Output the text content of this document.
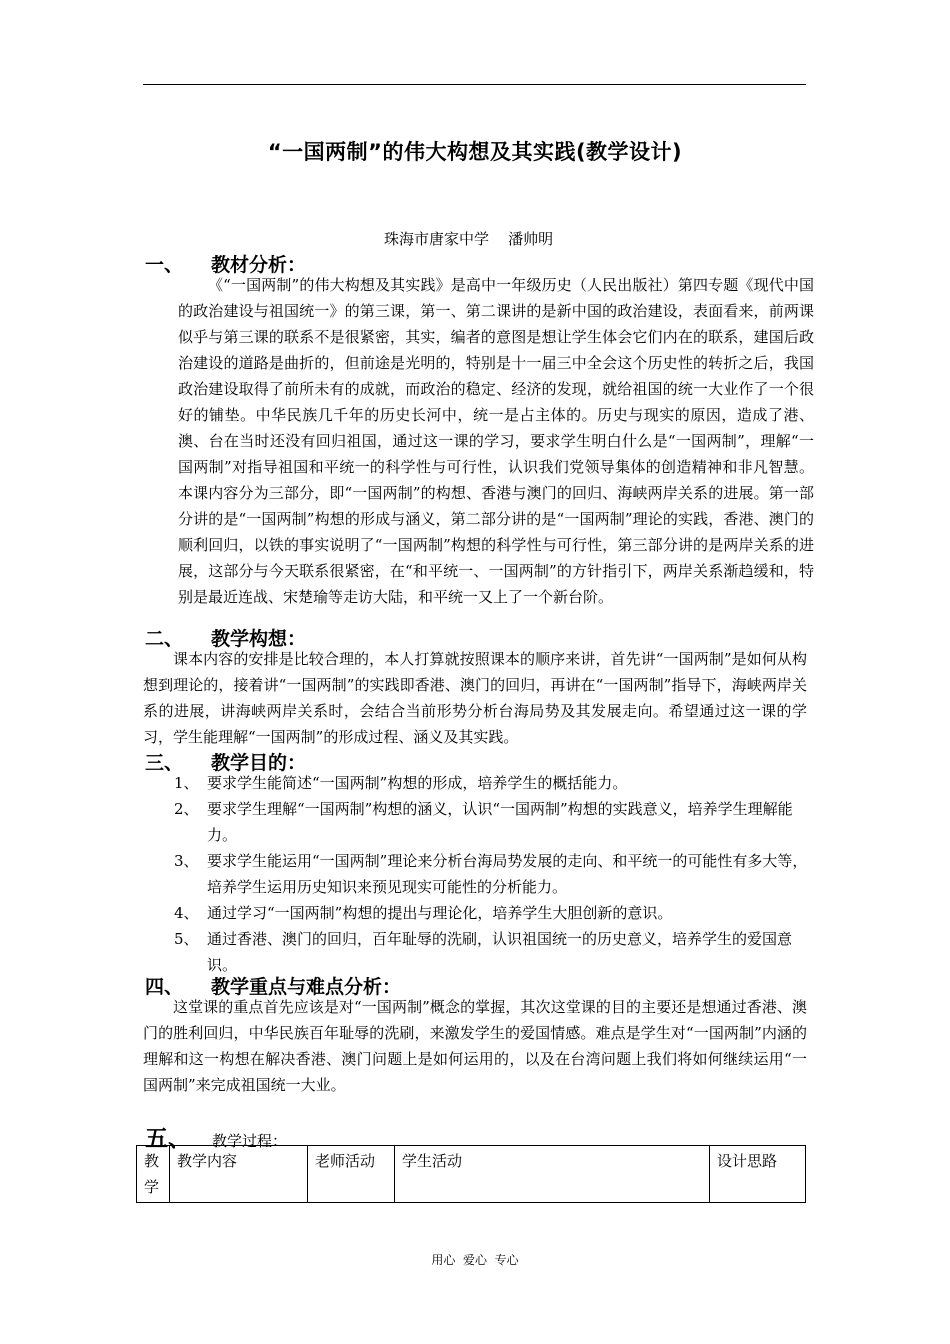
“一国两制”的伟大构想及其实践(教学设计)
珠海市唐家中学    潘帅明
一、 教材分析：
《“一国两制”的伟大构想及其实践》是高中一年级历史（人民出版社）第四专题《现代中国的政治建设与祖国统一》的第三课，第一、第二课讲的是新中国的政治建设，表面看来，前两课似乎与第三课的联系不是很紧密，其实，编者的意图是想让学生体会它们内在的联系，建国后政治建设的道路是曲折的，但前途是光明的，特别是十一届三中全会这个历史性的转折之后，我国政治建设取得了前所未有的成就，而政治的稳定、经济的发现，就给祖国的统一大业作了一个很好的铺垫。中华民族几千年的历史长河中，统一是占主体的。历史与现实的原因，造成了港、澳、台在当时还没有回归祖国，通过这一课的学习，要求学生明白什么是“一国两制”，理解“一国两制”对指导祖国和平统一的科学性与可行性，认识我们党领导集体的创造精神和非凡智慧。本课内容分为三部分，即“一国两制”的构想、香港与澳门的回归、海峡两岸关系的进展。第一部分讲的是“一国两制”构想的形成与涵义，第二部分讲的是“一国两制”理论的实践，香港、澳门的顺利回归，以铁的事实说明了“一国两制”构想的科学性与可行性，第三部分讲的是两岸关系的进展，这部分与今天联系很紧密，在“和平统一、一国两制”的方针指引下，两岸关系渐趋缓和，特别是最近连战、宋楚瑜等走访大陆，和平统一又上了一个新台阶。
二、 教学构想：
课本内容的安排是比较合理的，本人打算就按照课本的顺序来讲，首先讲“一国两制”是如何从构想到理论的，接着讲“一国两制”的实践即香港、澳门的回归，再讲在“一国两制”指导下，海峡两岸关系的进展，讲海峡两岸关系时，会结合当前形势分析台海局势及其发展走向。希望通过这一课的学习，学生能理解“一国两制”的形成过程、涵义及其实践。
三、 教学目的：
1、 要求学生能简述“一国两制”构想的形成，培养学生的概括能力。
2、 要求学生理解“一国两制”构想的涵义，认识“一国两制”构想的实践意义，培养学生理解能力。
3、 要求学生能运用“一国两制”理论来分析台海局势发展的走向、和平统一的可能性有多大等，培养学生运用历史知识来预见现实可能性的分析能力。
4、 通过学习“一国两制”构想的提出与理论化，培养学生大胆创新的意识。
5、 通过香港、澳门的回归，百年耻辱的洗刷，认识祖国统一的历史意义，培养学生的爱国意识。
四、 教学重点与难点分析：
这堂课的重点首先应该是对“一国两制”概念的掌握，其次这堂课的目的主要还是想通过香港、澳门的胜利回归，中华民族百年耻辱的洗刷，来激发学生的爱国情感。难点是学生对“一国两制”内涵的理解和这一构想在解决香港、澳门问题上是如何运用的，以及在台湾问题上我们将如何继续运用“一国两制”来完成祖国统一大业。
五、 教学过程：
教学	教学内容	老师活动	学生活动	设计思路
用心  爱心  专心
